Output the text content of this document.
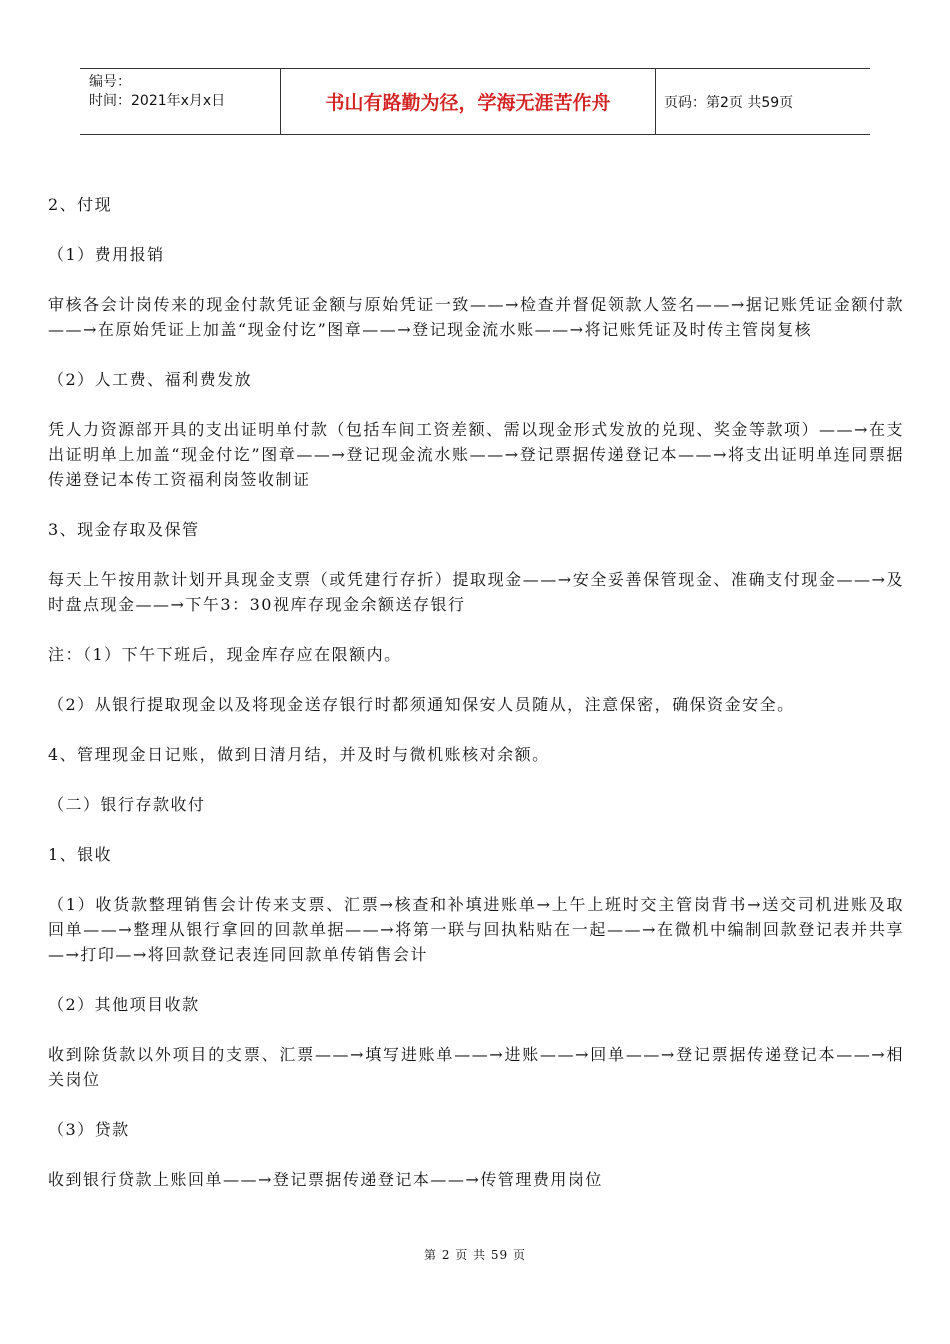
编号：
时间：2021年x月x日	书山有路勤为径，学海无涯苦作舟	页码：第2页 共59页

2、付现

（1）费用报销

审核各会计岗传来的现金付款凭证金额与原始凭证一致——→检查并督促领款人签名——→据记账凭证金额付款——→在原始凭证上加盖“现金付讫”图章——→登记现金流水账——→将记账凭证及时传主管岗复核

（2）人工费、福利费发放

凭人力资源部开具的支出证明单付款（包括车间工资差额、需以现金形式发放的兑现、奖金等款项）——→在支出证明单上加盖“现金付讫”图章——→登记现金流水账——→登记票据传递登记本——→将支出证明单连同票据传递登记本传工资福利岗签收制证

3、现金存取及保管

每天上午按用款计划开具现金支票（或凭建行存折）提取现金——→安全妥善保管现金、准确支付现金——→及时盘点现金——→下午3：30视库存现金余额送存银行

注：（1）下午下班后，现金库存应在限额内。

（2）从银行提取现金以及将现金送存银行时都须通知保安人员随从，注意保密，确保资金安全。

4、管理现金日记账，做到日清月结，并及时与微机账核对余额。

（二）银行存款收付

1、银收

（1）收货款整理销售会计传来支票、汇票→核查和补填进账单→上午上班时交主管岗背书→送交司机进账及取回单——→整理从银行拿回的回款单据——→将第一联与回执粘贴在一起——→在微机中编制回款登记表并共享—→打印—→将回款登记表连同回款单传销售会计

（2）其他项目收款

收到除货款以外项目的支票、汇票——→填写进账单——→进账——→回单——→登记票据传递登记本——→相关岗位

（3）贷款

收到银行贷款上账回单——→登记票据传递登记本——→传管理费用岗位

第 2 页 共 59 页
